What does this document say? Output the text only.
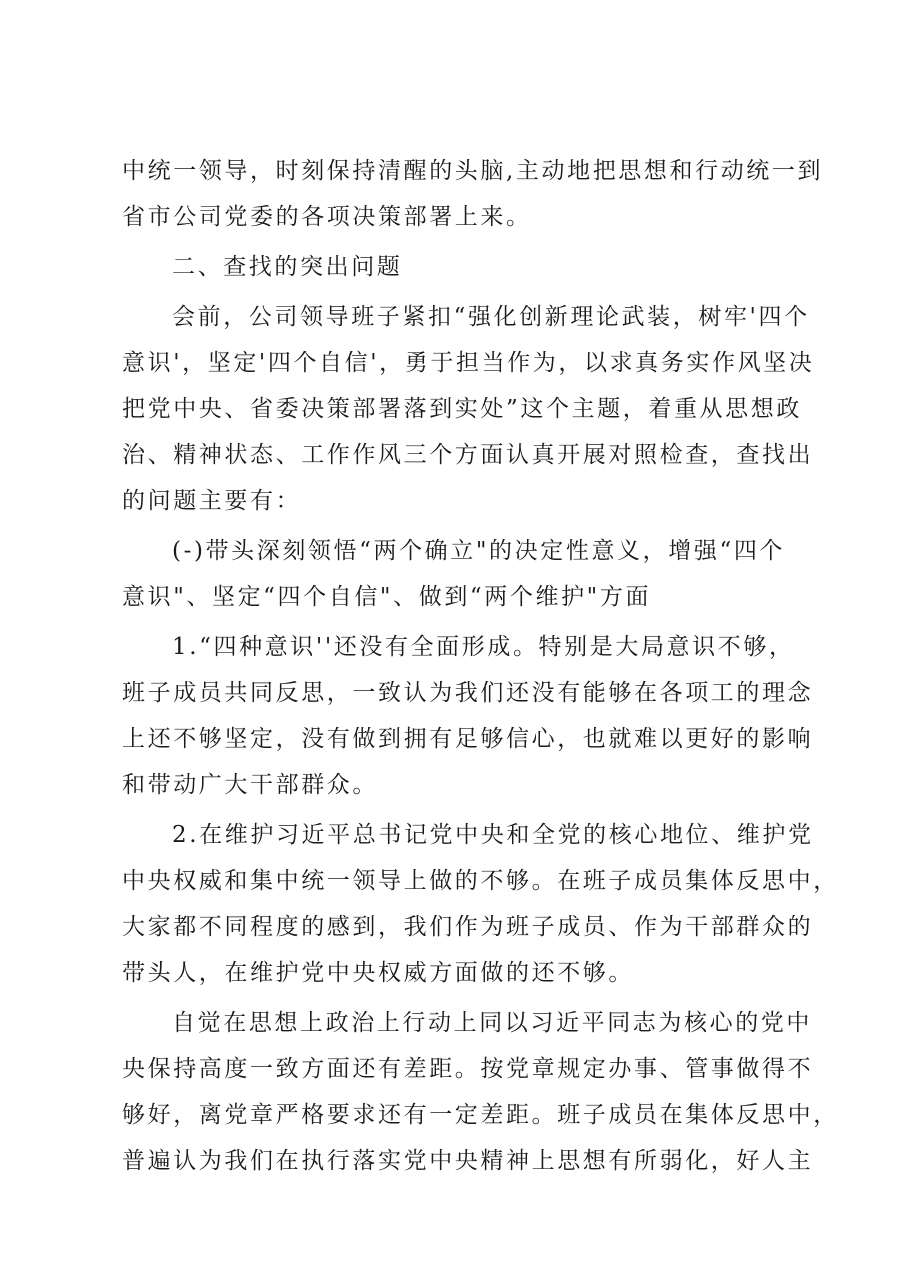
中统一领导，时刻保持清醒的头脑,主动地把思想和行动统一到
省市公司党委的各项决策部署上来。
二、查找的突出问题
会前，公司领导班子紧扣“强化创新理论武装，树牢'四个
意识'，坚定'四个自信'，勇于担当作为，以求真务实作风坚决
把党中央、省委决策部署落到实处”这个主题，着重从思想政
治、精神状态、工作作风三个方面认真开展对照检查，查找出
的问题主要有：
(-)带头深刻领悟“两个确立"的决定性意义，增强“四个
意识"、坚定“四个自信"、做到“两个维护"方面
1.“四种意识''还没有全面形成。特别是大局意识不够，
班子成员共同反思，一致认为我们还没有能够在各项工的理念
上还不够坚定，没有做到拥有足够信心，也就难以更好的影响
和带动广大干部群众。
2.在维护习近平总书记党中央和全党的核心地位、维护党
中央权威和集中统一领导上做的不够。在班子成员集体反思中，
大家都不同程度的感到，我们作为班子成员、作为干部群众的
带头人，在维护党中央权威方面做的还不够。
自觉在思想上政治上行动上同以习近平同志为核心的党中
央保持高度一致方面还有差距。按党章规定办事、管事做得不
够好，离党章严格要求还有一定差距。班子成员在集体反思中，
普遍认为我们在执行落实党中央精神上思想有所弱化，好人主
